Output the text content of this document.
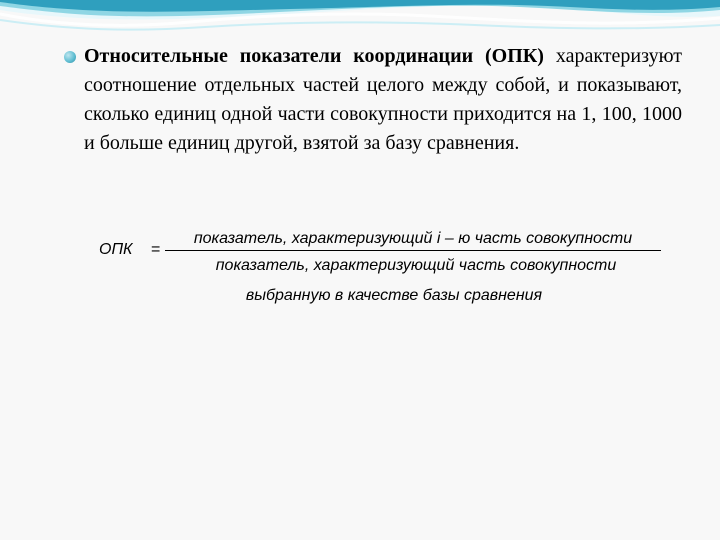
Относительные показатели координации (ОПК) характеризуют соотношение отдельных частей целого между собой, и показывают, сколько единиц одной части совокупности приходится на 1, 100, 1000 и больше единиц другой, взятой за базу сравнения.

ОПК =
показатель, характеризующий i – ю часть совокупности
показатель, характеризующий часть совокупности
выбранную в качестве базы сравнения
